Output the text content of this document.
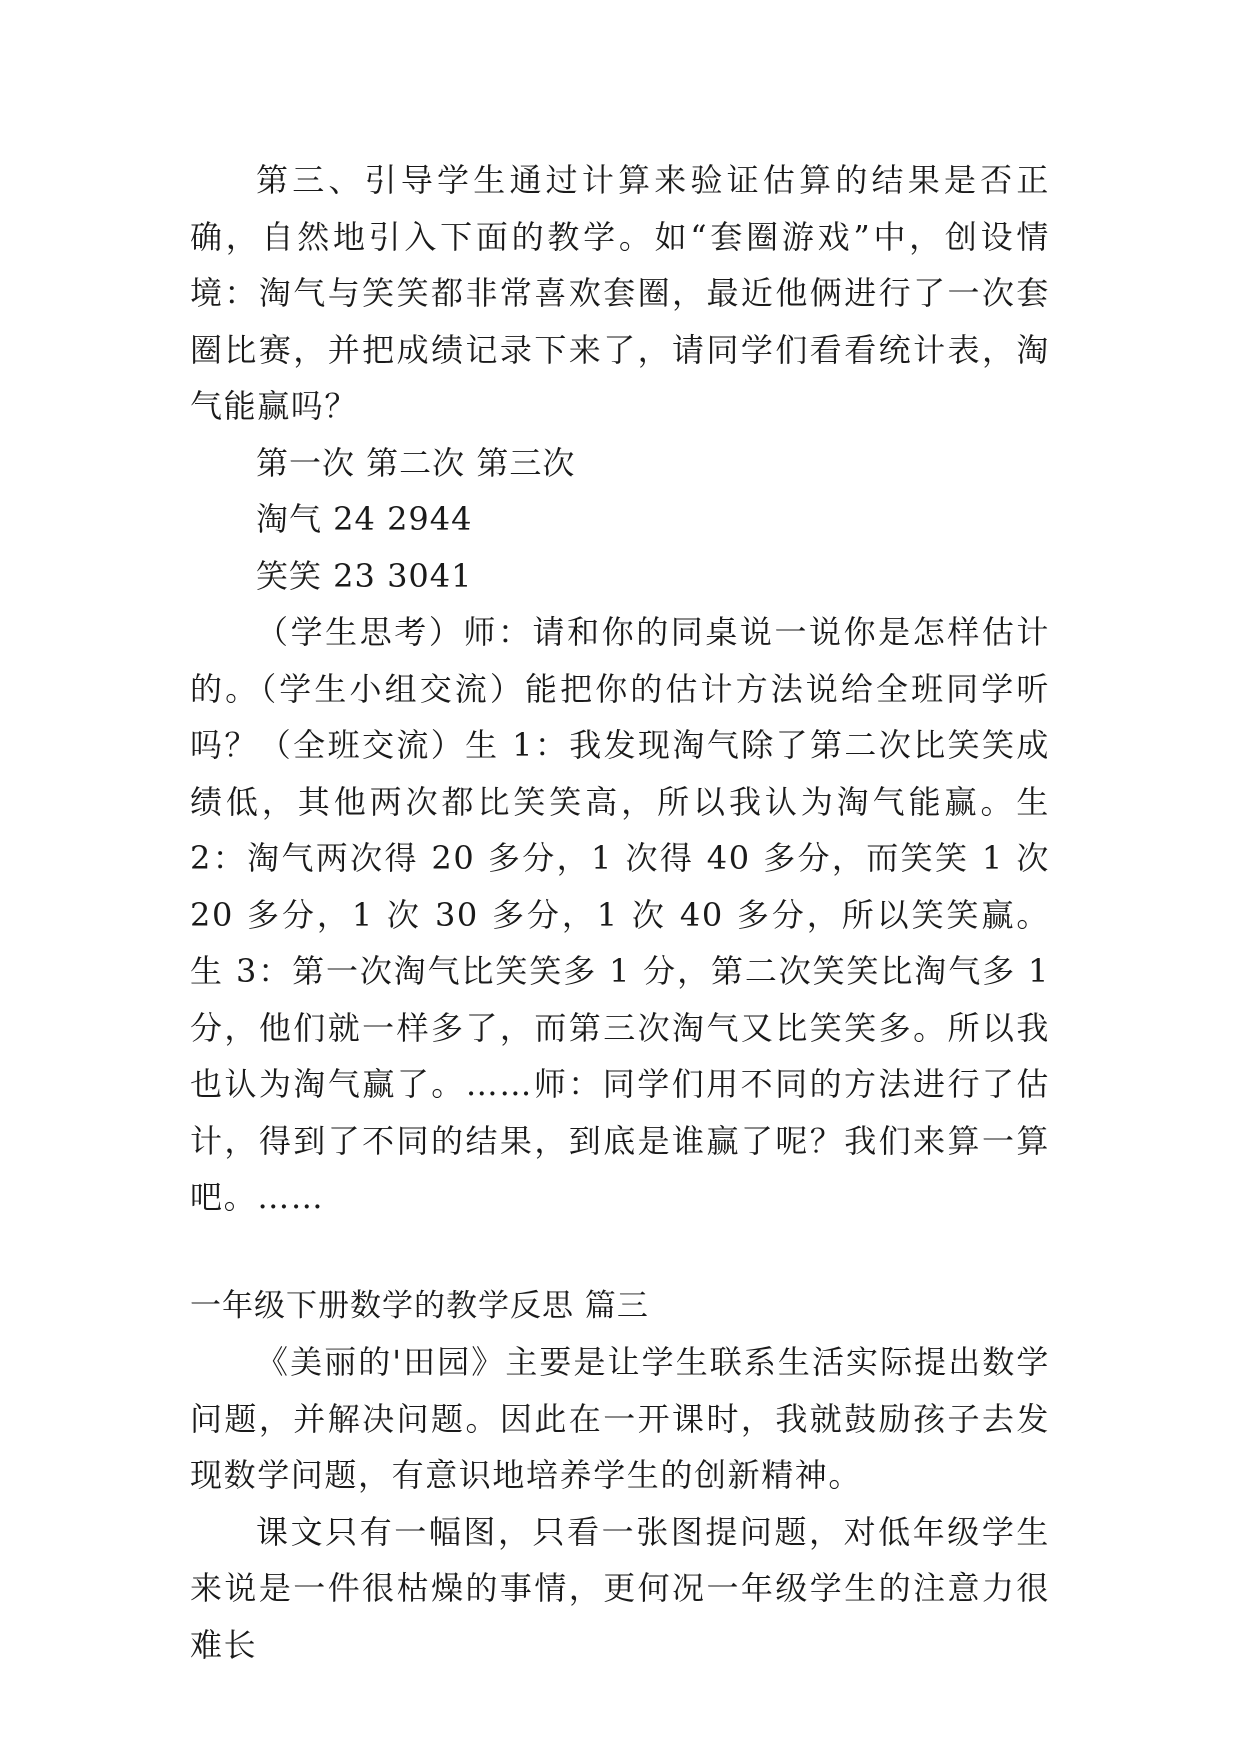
第三、引导学生通过计算来验证估算的结果是否正确，自然地引入下面的教学。如“套圈游戏”中，创设情境：淘气与笑笑都非常喜欢套圈，最近他俩进行了一次套圈比赛，并把成绩记录下来了，请同学们看看统计表，淘气能赢吗？

第一次 第二次 第三次

淘气 24 2944

笑笑 23 3041

（学生思考）师：请和你的同桌说一说你是怎样估计的。（学生小组交流）能把你的估计方法说给全班同学听吗？（全班交流）生 1：我发现淘气除了第二次比笑笑成绩低，其他两次都比笑笑高，所以我认为淘气能赢。生 2：淘气两次得 20 多分，1 次得 40 多分，而笑笑 1 次 20 多分，1 次 30 多分，1 次 40 多分，所以笑笑赢。生 3：第一次淘气比笑笑多 1 分，第二次笑笑比淘气多 1 分，他们就一样多了，而第三次淘气又比笑笑多。所以我也认为淘气赢了。……师：同学们用不同的方法进行了估计，得到了不同的结果，到底是谁赢了呢？我们来算一算吧。……

一年级下册数学的教学反思 篇三

《美丽的'田园》主要是让学生联系生活实际提出数学问题，并解决问题。因此在一开课时，我就鼓励孩子去发现数学问题，有意识地培养学生的创新精神。

课文只有一幅图，只看一张图提问题，对低年级学生来说是一件很枯燥的事情，更何况一年级学生的注意力很难长
